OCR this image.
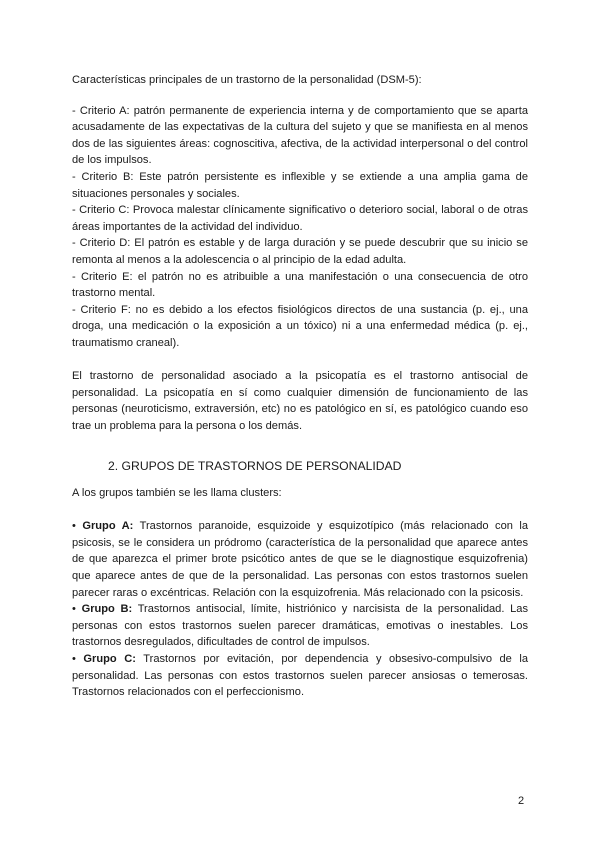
Características principales de un trastorno de la personalidad (DSM-5):

- Criterio A: patrón permanente de experiencia interna y de comportamiento que se aparta acusadamente de las expectativas de la cultura del sujeto y que se manifiesta en al menos dos de las siguientes áreas: cognoscitiva, afectiva, de la actividad interpersonal o del control de los impulsos.

- Criterio B: Este patrón persistente es inflexible y se extiende a una amplia gama de situaciones personales y sociales.

- Criterio C: Provoca malestar clínicamente significativo o deterioro social, laboral o de otras áreas importantes de la actividad del individuo.

- Criterio D: El patrón es estable y de larga duración y se puede descubrir que su inicio se remonta al menos a la adolescencia o al principio de la edad adulta.

- Criterio E: el patrón no es atribuible a una manifestación o una consecuencia de otro trastorno mental.

- Criterio F: no es debido a los efectos fisiológicos directos de una sustancia (p. ej., una droga, una medicación o la exposición a un tóxico) ni a una enfermedad médica (p. ej., traumatismo craneal).

El trastorno de personalidad asociado a la psicopatía es el trastorno antisocial de personalidad. La psicopatía en sí como cualquier dimensión de funcionamiento de las personas (neuroticismo, extraversión, etc) no es patológico en sí, es patológico cuando eso trae un problema para la persona o los demás.

2. GRUPOS DE TRASTORNOS DE PERSONALIDAD

A los grupos también se les llama clusters:

• Grupo A: Trastornos paranoide, esquizoide y esquizotípico (más relacionado con la psicosis, se le considera un pródromo (característica de la personalidad que aparece antes de que aparezca el primer brote psicótico antes de que se le diagnostique esquizofrenia) que aparece antes de que de la personalidad. Las personas con estos trastornos suelen parecer raras o excéntricas. Relación con la esquizofrenia. Más relacionado con la psicosis.

• Grupo B: Trastornos antisocial, límite, histriónico y narcisista de la personalidad. Las personas con estos trastornos suelen parecer dramáticas, emotivas o inestables. Los trastornos desregulados, dificultades de control de impulsos.

• Grupo C: Trastornos por evitación, por dependencia y obsesivo-compulsivo de la personalidad. Las personas con estos trastornos suelen parecer ansiosas o temerosas. Trastornos relacionados con el perfeccionismo.

2
